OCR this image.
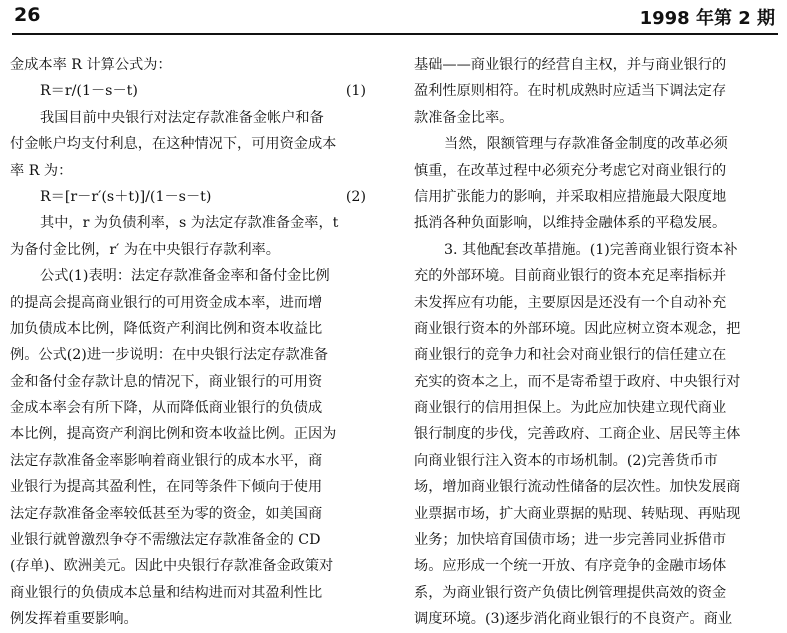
26	1998 年第 2 期
金成本率 R 计算公式为：
R＝r/(1－s－t)	(1)
我国目前中央银行对法定存款准备金帐户和备
付金帐户均支付利息，在这种情况下，可用资金成本
率 R 为：
R＝[r－r′(s＋t)]/(1－s－t)	(2)
其中，r 为负债利率，s 为法定存款准备金率，t
为备付金比例，r′ 为在中央银行存款利率。
公式(1)表明：法定存款准备金率和备付金比例
的提高会提高商业银行的可用资金成本率，进而增
加负债成本比例，降低资产利润比例和资本收益比
例。公式(2)进一步说明：在中央银行法定存款准备
金和备付金存款计息的情况下，商业银行的可用资
金成本率会有所下降，从而降低商业银行的负债成
本比例，提高资产利润比例和资本收益比例。正因为
法定存款准备金率影响着商业银行的成本水平，商
业银行为提高其盈利性，在同等条件下倾向于使用
法定存款准备金率较低甚至为零的资金，如美国商
业银行就曾激烈争夺不需缴法定存款准备金的 CD
(存单)、欧洲美元。因此中央银行存款准备金政策对
商业银行的负债成本总量和结构进而对其盈利性比
例发挥着重要影响。
基础——商业银行的经营自主权，并与商业银行的
盈利性原则相符。在时机成熟时应适当下调法定存
款准备金比率。
当然，限额管理与存款准备金制度的改革必须
慎重，在改革过程中必须充分考虑它对商业银行的
信用扩张能力的影响，并采取相应措施最大限度地
抵消各种负面影响，以维持金融体系的平稳发展。
3. 其他配套改革措施。(1)完善商业银行资本补
充的外部环境。目前商业银行的资本充足率指标并
未发挥应有功能，主要原因是还没有一个自动补充
商业银行资本的外部环境。因此应树立资本观念，把
商业银行的竞争力和社会对商业银行的信任建立在
充实的资本之上，而不是寄希望于政府、中央银行对
商业银行的信用担保上。为此应加快建立现代商业
银行制度的步伐，完善政府、工商企业、居民等主体
向商业银行注入资本的市场机制。(2)完善货币市
场，增加商业银行流动性储备的层次性。加快发展商
业票据市场，扩大商业票据的贴现、转贴现、再贴现
业务；加快培育国债市场；进一步完善同业拆借市
场。应形成一个统一开放、有序竞争的金融市场体
系，为商业银行资产负债比例管理提供高效的资金
调度环境。(3)逐步消化商业银行的不良资产。商业
